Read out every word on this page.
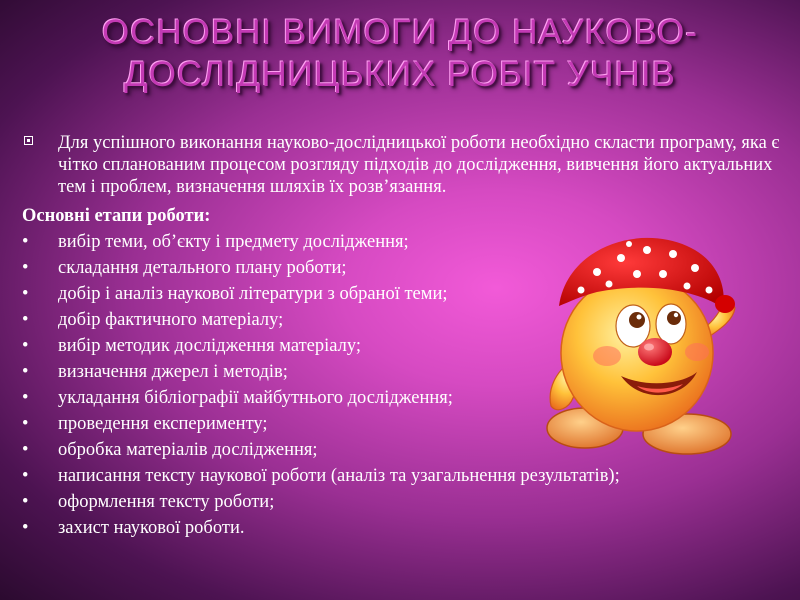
ОСНОВНІ ВИМОГИ ДО НАУКОВО-
ДОСЛІДНИЦЬКИХ РОБІТ УЧНІВ

Для успішного виконання науково-дослідницької роботи необхідно скласти програму, яка є чітко спланованим процесом розгляду підходів до дослідження, вивчення його актуальних тем і проблем, визначення шляхів їх розв’язання.

Основні етапи роботи:
• вибір теми, об’єкту і предмету дослідження;
• складання детального плану роботи;
• добір і аналіз наукової літератури з обраної теми;
• добір фактичного матеріалу;
• вибір методик дослідження матеріалу;
• визначення джерел і методів;
• укладання бібліографії майбутнього дослідження;
• проведення експерименту;
• обробка матеріалів дослідження;
• написання тексту наукової роботи (аналіз та узагальнення результатів);
• оформлення тексту роботи;
• захист наукової роботи.
